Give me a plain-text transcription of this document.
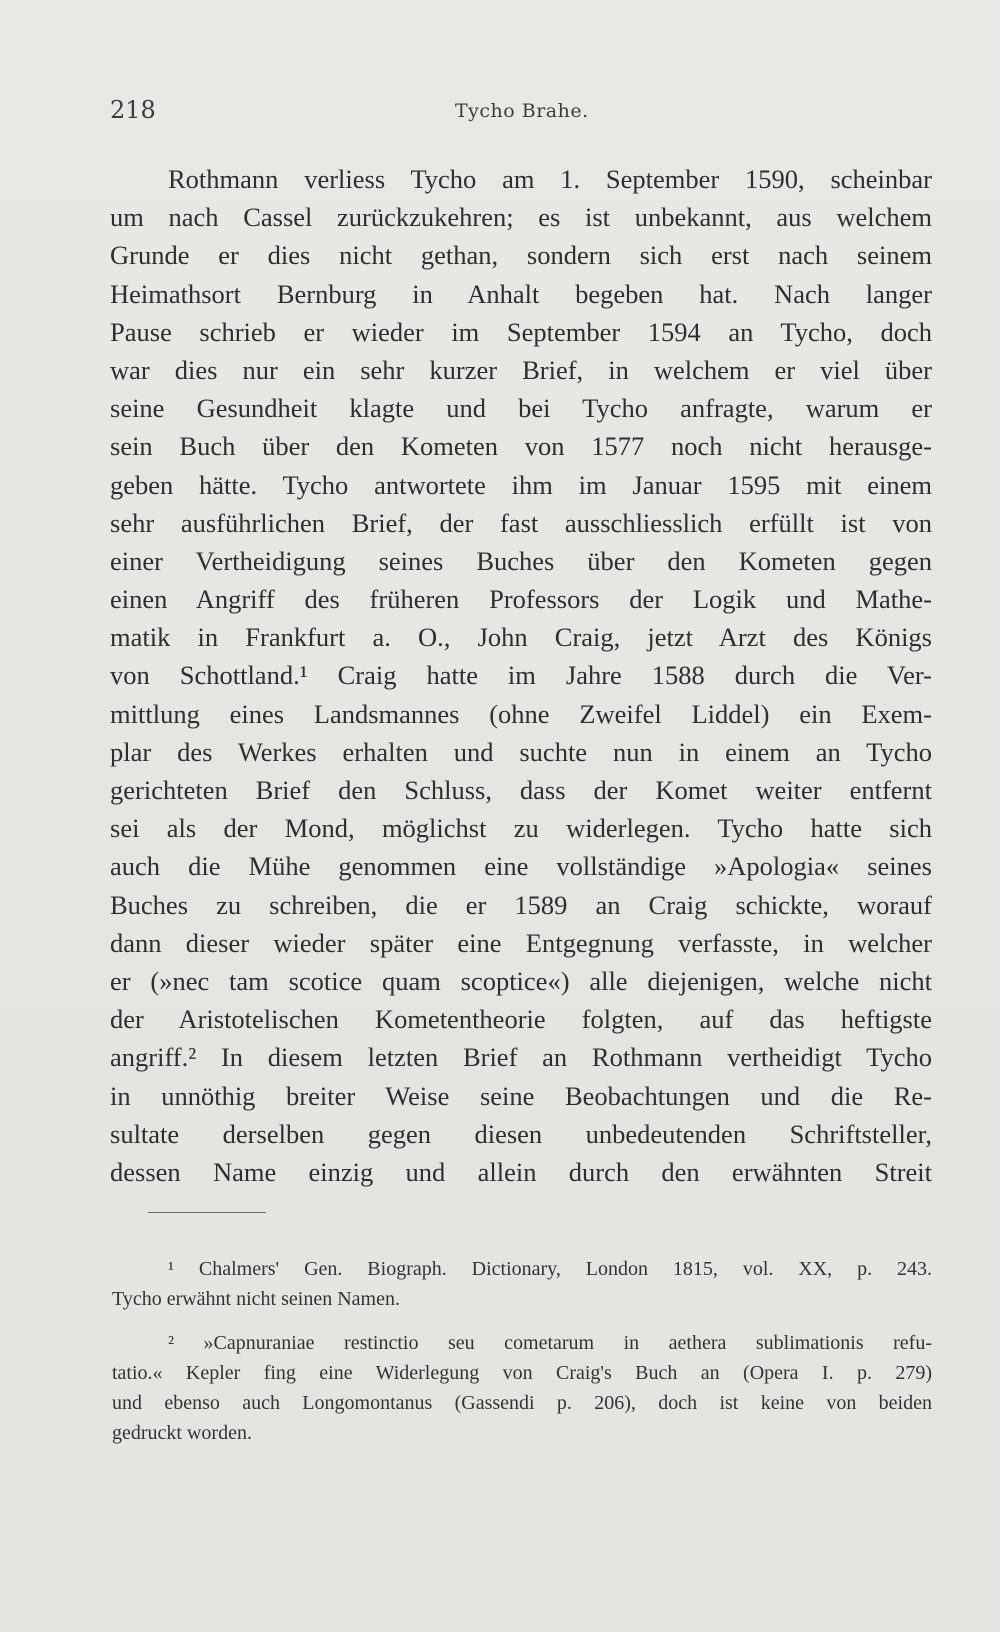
218	Tycho Brahe.
Rothmann verliess Tycho am 1. September 1590, scheinbar
um nach Cassel zurückzukehren; es ist unbekannt, aus welchem
Grunde er dies nicht gethan, sondern sich erst nach seinem
Heimathsort Bernburg in Anhalt begeben hat. Nach langer
Pause schrieb er wieder im September 1594 an Tycho, doch
war dies nur ein sehr kurzer Brief, in welchem er viel über
seine Gesundheit klagte und bei Tycho anfragte, warum er
sein Buch über den Kometen von 1577 noch nicht herausge-
geben hätte. Tycho antwortete ihm im Januar 1595 mit einem
sehr ausführlichen Brief, der fast ausschliesslich erfüllt ist von
einer Vertheidigung seines Buches über den Kometen gegen
einen Angriff des früheren Professors der Logik und Mathe-
matik in Frankfurt a. O., John Craig, jetzt Arzt des Königs
von Schottland.¹ Craig hatte im Jahre 1588 durch die Ver-
mittlung eines Landsmannes (ohne Zweifel Liddel) ein Exem-
plar des Werkes erhalten und suchte nun in einem an Tycho
gerichteten Brief den Schluss, dass der Komet weiter entfernt
sei als der Mond, möglichst zu widerlegen. Tycho hatte sich
auch die Mühe genommen eine vollständige »Apologia« seines
Buches zu schreiben, die er 1589 an Craig schickte, worauf
dann dieser wieder später eine Entgegnung verfasste, in welcher
er (»nec tam scotice quam scoptice«) alle diejenigen, welche nicht
der Aristotelischen Kometentheorie folgten, auf das heftigste
angriff.² In diesem letzten Brief an Rothmann vertheidigt Tycho
in unnöthig breiter Weise seine Beobachtungen und die Re-
sultate derselben gegen diesen unbedeutenden Schriftsteller,
dessen Name einzig und allein durch den erwähnten Streit
¹ Chalmers' Gen. Biograph. Dictionary, London 1815, vol. XX, p. 243.
Tycho erwähnt nicht seinen Namen.
² »Capnuraniae restinctio seu cometarum in aethera sublimationis refu-
tatio.« Kepler fing eine Widerlegung von Craig's Buch an (Opera I. p. 279)
und ebenso auch Longomontanus (Gassendi p. 206), doch ist keine von beiden
gedruckt worden.
